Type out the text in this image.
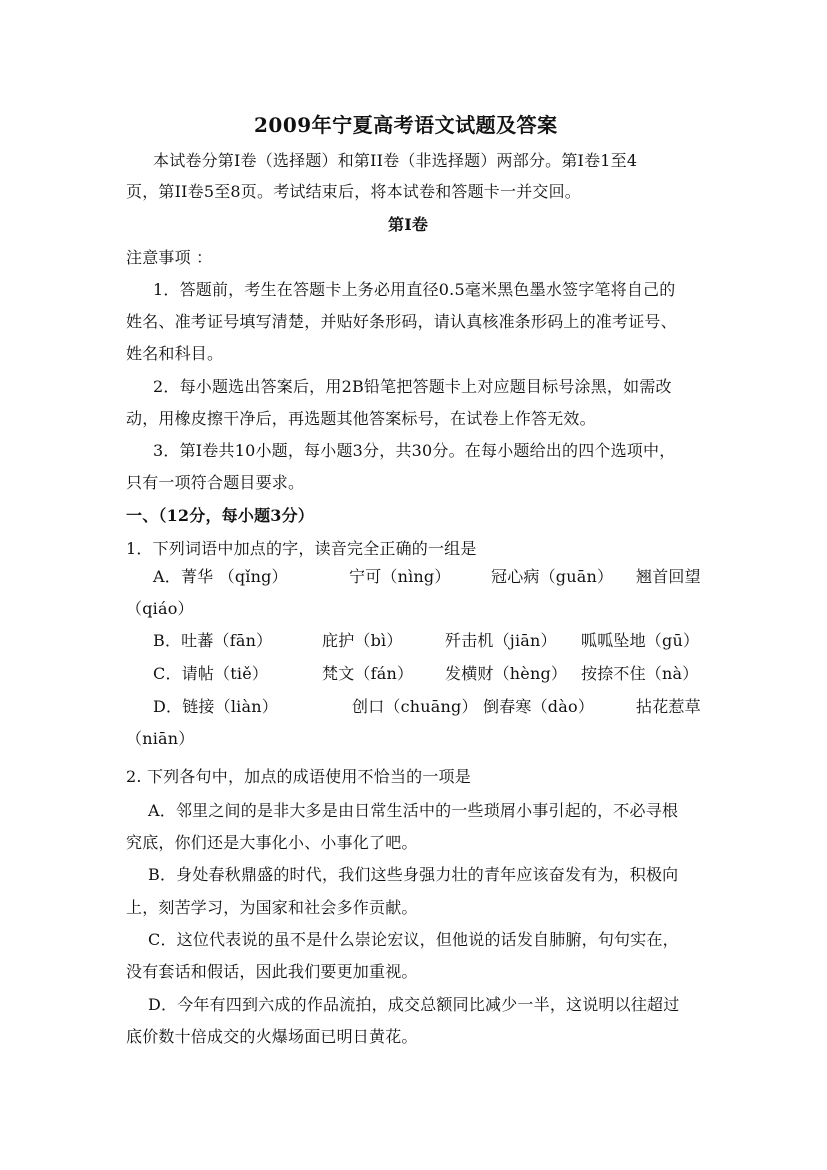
2009年宁夏高考语文试题及答案
本试卷分第I卷（选择题）和第II卷（非选择题）两部分。第I卷1至4
页，第II卷5至8页。考试结束后，将本试卷和答题卡一并交回。
第I卷
注意事项 ：
1．答题前，考生在答题卡上务必用直径0.5毫米黑色墨水签字笔将自己的
姓名、准考证号填写清楚，并贴好条形码，请认真核准条形码上的准考证号、
姓名和科目。
2．每小题选出答案后，用2B铅笔把答题卡上对应题目标号涂黑，如需改
动，用橡皮擦干净后，再选题其他答案标号，在试卷上作答无效。
3．第I卷共10小题，每小题3分，共30分。在每小题给出的四个选项中，
只有一项符合题目要求。
一、（12分，每小题3分）
1．下列词语中加点的字，读音完全正确的一组是
A．菁华 （qǐng）	宁可（nìng）	冠心病（guān） 翘首回望
（qiáo）
B．吐蕃（fān）	庇护（bì）	歼击机（jiān） 呱呱坠地（gū）
C．请帖（tiě）	梵文（fán） 发横财（hèng） 按捺不住（nà）
D．链接（liàn）	创口（chuāng） 倒春寒（dào）	拈花惹草
（niān）
2. 下列各句中，加点的成语使用不恰当的一项是
A．邻里之间的是非大多是由日常生活中的一些琐屑小事引起的，不必寻根
究底，你们还是大事化小、小事化了吧。
B．身处春秋鼎盛的时代，我们这些身强力壮的青年应该奋发有为，积极向
上，刻苦学习，为国家和社会多作贡献。
C．这位代表说的虽不是什么崇论宏议，但他说的话发自肺腑，句句实在，
没有套话和假话，因此我们要更加重视。
D．今年有四到六成的作品流拍，成交总额同比减少一半，这说明以往超过
底价数十倍成交的火爆场面已明日黄花。
